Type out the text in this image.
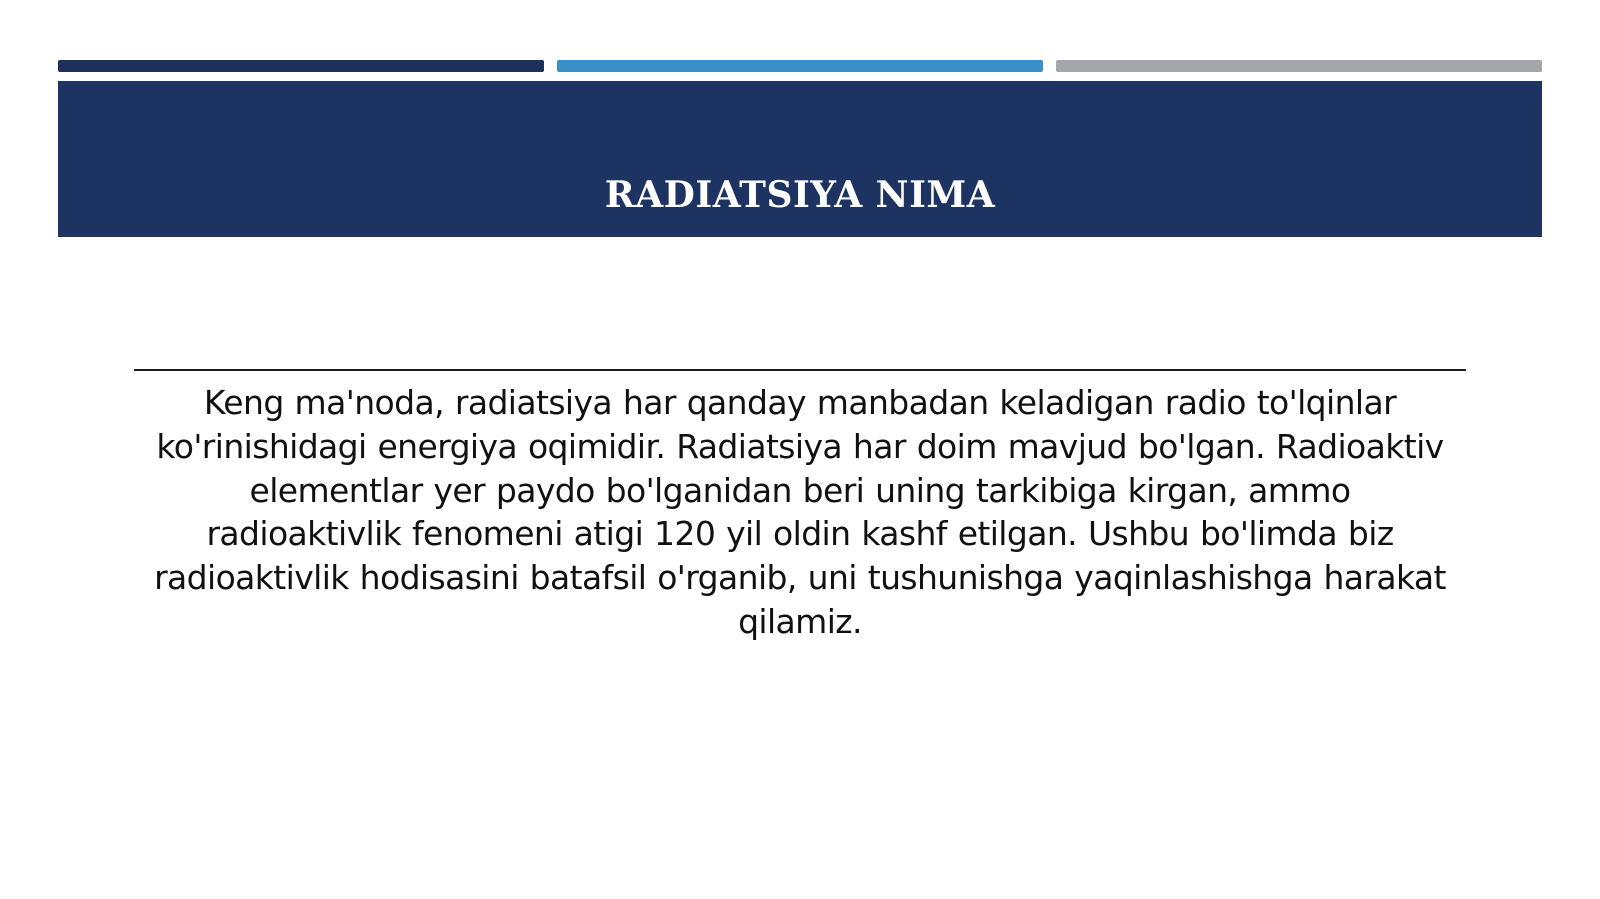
RADIATSIYA NIMA

Keng ma'noda, radiatsiya har qanday manbadan keladigan radio to'lqinlar ko'rinishidagi energiya oqimidir. Radiatsiya har doim mavjud bo'lgan. Radioaktiv elementlar yer paydo bo'lganidan beri uning tarkibiga kirgan, ammo radioaktivlik fenomeni atigi 120 yil oldin kashf etilgan. Ushbu bo'limda biz radioaktivlik hodisasini batafsil o'rganib, uni tushunishga yaqinlashishga harakat qilamiz.
